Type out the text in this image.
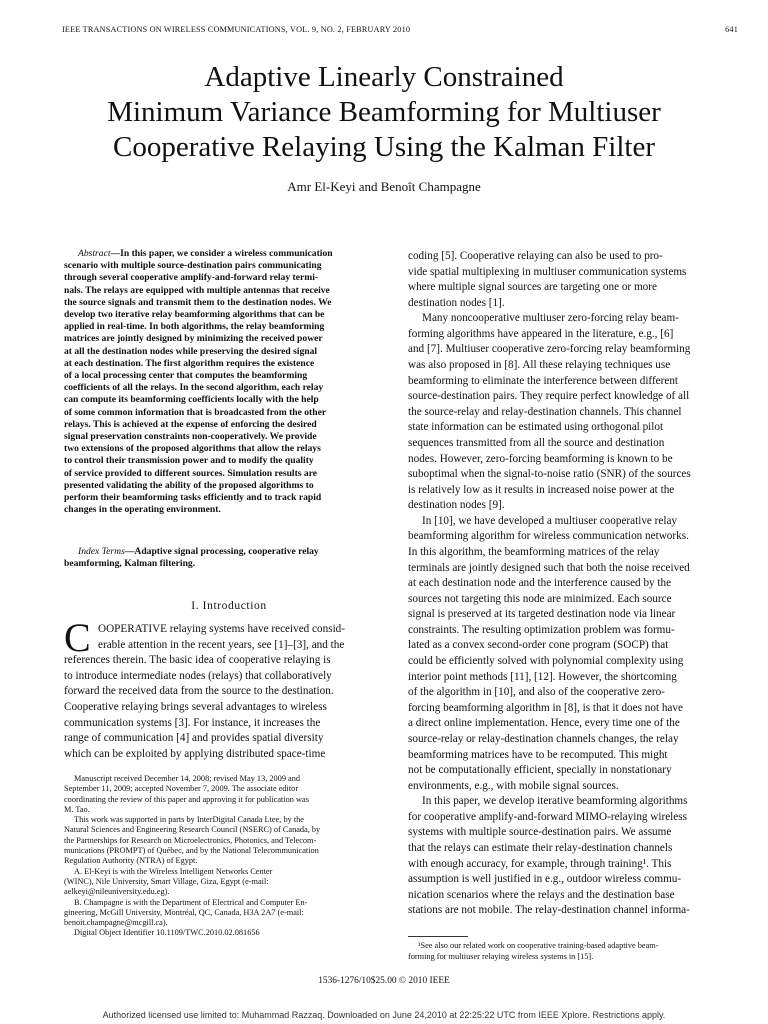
IEEE TRANSACTIONS ON WIRELESS COMMUNICATIONS, VOL. 9, NO. 2, FEBRUARY 2010	641
Adaptive Linearly Constrained
Minimum Variance Beamforming for Multiuser
Cooperative Relaying Using the Kalman Filter
Amr El-Keyi and Benoît Champagne
Abstract—In this paper, we consider a wireless communication
scenario with multiple source-destination pairs communicating
through several cooperative amplify-and-forward relay termi-
nals. The relays are equipped with multiple antennas that receive
the source signals and transmit them to the destination nodes. We
develop two iterative relay beamforming algorithms that can be
applied in real-time. In both algorithms, the relay beamforming
matrices are jointly designed by minimizing the received power
at all the destination nodes while preserving the desired signal
at each destination. The first algorithm requires the existence
of a local processing center that computes the beamforming
coefficients of all the relays. In the second algorithm, each relay
can compute its beamforming coefficients locally with the help
of some common information that is broadcasted from the other
relays. This is achieved at the expense of enforcing the desired
signal preservation constraints non-cooperatively. We provide
two extensions of the proposed algorithms that allow the relays
to control their transmission power and to modify the quality
of service provided to different sources. Simulation results are
presented validating the ability of the proposed algorithms to
perform their beamforming tasks efficiently and to track rapid
changes in the operating environment.
Index Terms—Adaptive signal processing, cooperative relay
beamforming, Kalman filtering.
I. Introduction
C OOPERATIVE relaying systems have received consid-
erable attention in the recent years, see [1]–[3], and the
references therein. The basic idea of cooperative relaying is
to introduce intermediate nodes (relays) that collaboratively
forward the received data from the source to the destination.
Cooperative relaying brings several advantages to wireless
communication systems [3]. For instance, it increases the
range of communication [4] and provides spatial diversity
which can be exploited by applying distributed space-time
Manuscript received December 14, 2008; revised May 13, 2009 and
September 11, 2009; accepted November 7, 2009. The associate editor
coordinating the review of this paper and approving it for publication was
M. Tao.
This work was supported in parts by InterDigital Canada Ltee, by the
Natural Sciences and Engineering Research Council (NSERC) of Canada, by
the Partnerships for Research on Microelectronics, Photonics, and Telecom-
munications (PROMPT) of Québec, and by the National Telecommunication
Regulation Authority (NTRA) of Egypt.
A. El-Keyi is with the Wireless Intelligent Networks Center
(WINC), Nile University, Smart Village, Giza, Egypt (e-mail:
aelkeyi@nileuniversity.edu.eg).
B. Champagne is with the Department of Electrical and Computer En-
gineering, McGill University, Montréal, QC, Canada, H3A 2A7 (e-mail:
benoit.champagne@mcgill.ca).
Digital Object Identifier 10.1109/TWC.2010.02.081656
coding [5]. Cooperative relaying can also be used to pro-
vide spatial multiplexing in multiuser communication systems
where multiple signal sources are targeting one or more
destination nodes [1].
Many noncooperative multiuser zero-forcing relay beam-
forming algorithms have appeared in the literature, e.g., [6]
and [7]. Multiuser cooperative zero-forcing relay beamforming
was also proposed in [8]. All these relaying techniques use
beamforming to eliminate the interference between different
source-destination pairs. They require perfect knowledge of all
the source-relay and relay-destination channels. This channel
state information can be estimated using orthogonal pilot
sequences transmitted from all the source and destination
nodes. However, zero-forcing beamforming is known to be
suboptimal when the signal-to-noise ratio (SNR) of the sources
is relatively low as it results in increased noise power at the
destination nodes [9].
In [10], we have developed a multiuser cooperative relay
beamforming algorithm for wireless communication networks.
In this algorithm, the beamforming matrices of the relay
terminals are jointly designed such that both the noise received
at each destination node and the interference caused by the
sources not targeting this node are minimized. Each source
signal is preserved at its targeted destination node via linear
constraints. The resulting optimization problem was formu-
lated as a convex second-order cone program (SOCP) that
could be efficiently solved with polynomial complexity using
interior point methods [11], [12]. However, the shortcoming
of the algorithm in [10], and also of the cooperative zero-
forcing beamforming algorithm in [8], is that it does not have
a direct online implementation. Hence, every time one of the
source-relay or relay-destination channels changes, the relay
beamforming matrices have to be recomputed. This might
not be computationally efficient, specially in nonstationary
environments, e.g., with mobile signal sources.
In this paper, we develop iterative beamforming algorithms
for cooperative amplify-and-forward MIMO-relaying wireless
systems with multiple source-destination pairs. We assume
that the relays can estimate their relay-destination channels
with enough accuracy, for example, through training¹. This
assumption is well justified in e.g., outdoor wireless commu-
nication scenarios where the relays and the destination base
stations are not mobile. The relay-destination channel informa-
¹See also our related work on cooperative training-based adaptive beam-
forming for multiuser relaying wireless systems in [15].
1536-1276/10$25.00 © 2010 IEEE
Authorized licensed use limited to: Muhammad Razzaq. Downloaded on June 24,2010 at 22:25:22 UTC from IEEE Xplore. Restrictions apply.
